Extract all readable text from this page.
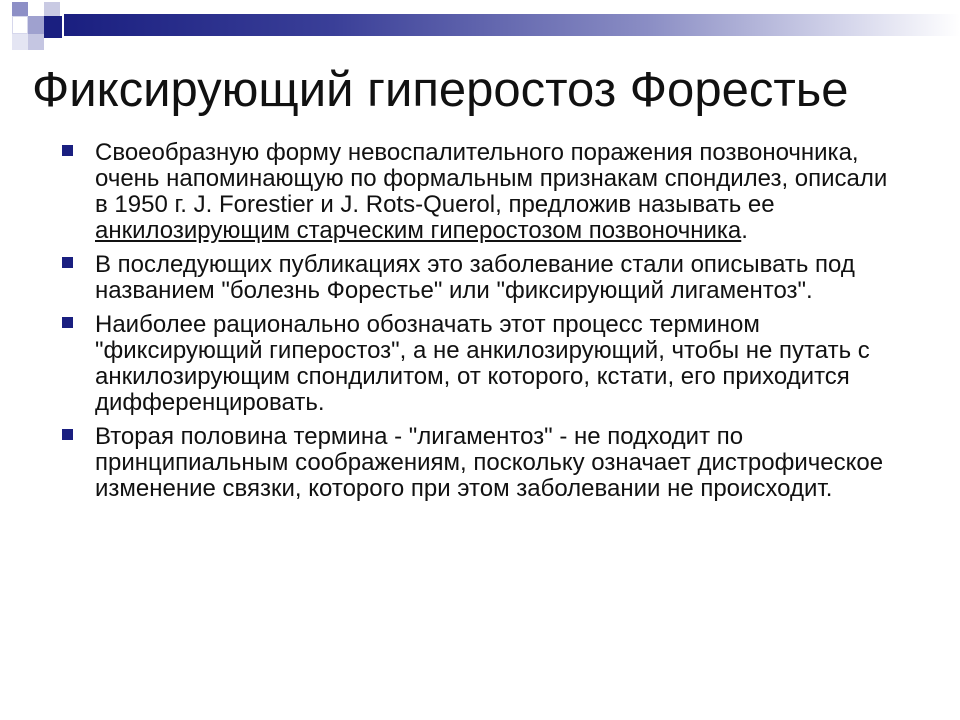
Фиксирующий гиперостоз Форестье
Своеобразную форму невоспалительного поражения позвоночника, очень напоминающую по формальным признакам спондилез, описали в 1950 г. J. Forestier и J. Rots-Querol, предложив называть ее анкилозирующим старческим гиперостозом позвоночника.
В последующих публикациях это заболевание стали описывать под названием "болезнь Форестье" или "фиксирующий лигаментоз".
Наиболее рационально обозначать этот процесс термином "фиксирующий гиперостоз", а не анкилозирующий, чтобы не путать с анкилозирующим спондилитом, от которого, кстати, его приходится дифференцировать.
Вторая половина термина - "лигаментоз" - не подходит по принципиальным соображениям, поскольку означает дистрофическое изменение связки, которого при этом заболевании не происходит.
